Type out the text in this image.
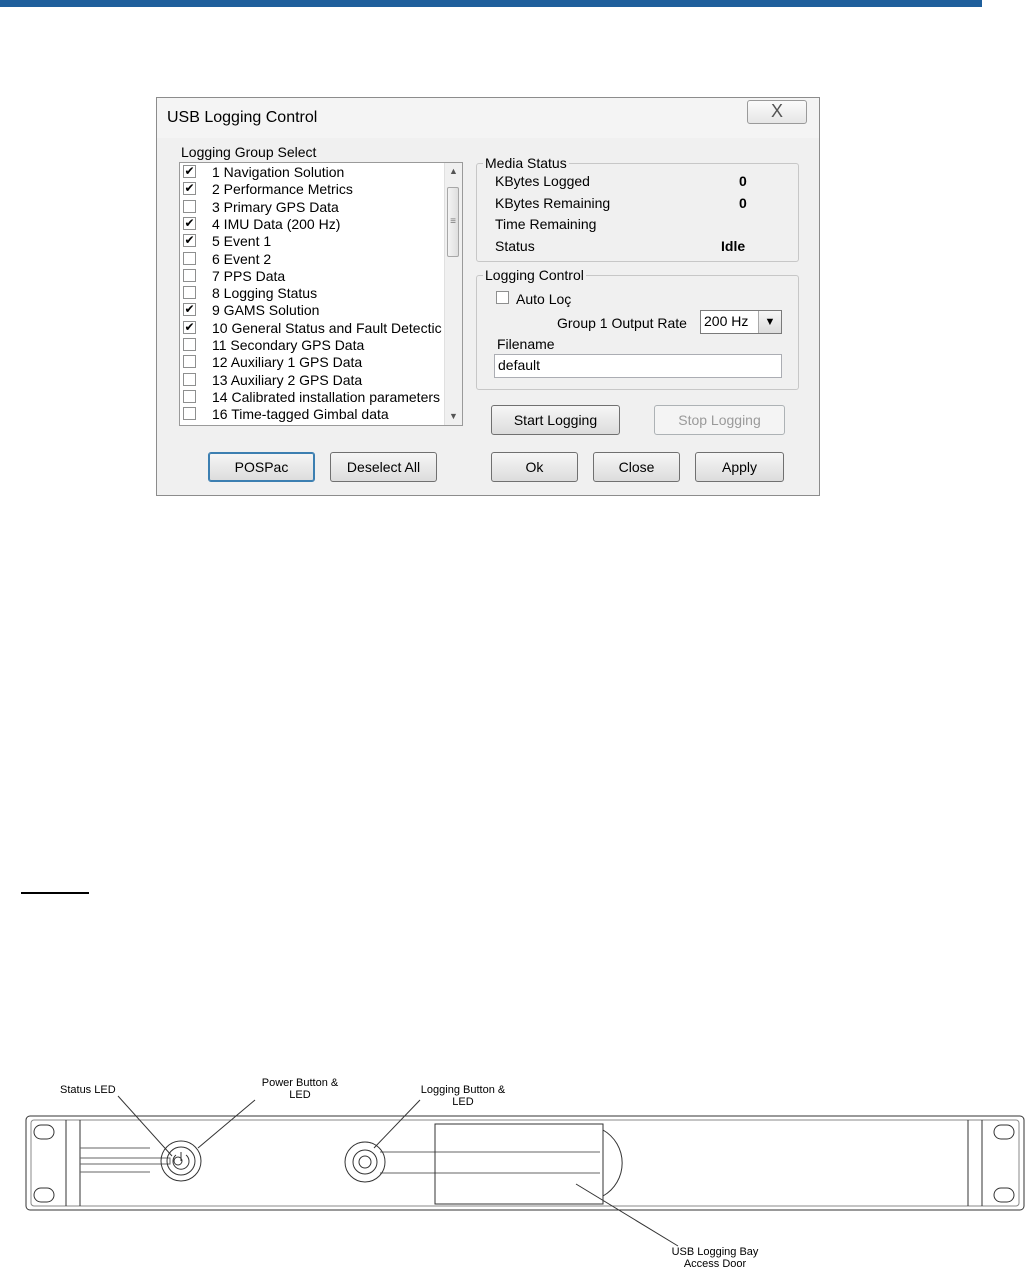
USB Logging Control	X
Logging Group Select
16 Time-tagged Gimbal data
14 Calibrated installation parameters
13 Auxiliary 2 GPS Data
12 Auxiliary 1 GPS Data
11 Secondary GPS Data
✔ 10 General Status and Fault Detectic
✔ 9 GAMS Solution
8 Logging Status
7 PPS Data
6 Event 2
✔ 5 Event 1
✔ 4 IMU Data (200 Hz)
3 Primary GPS Data
✔ 2 Performance Metrics
✔ 1 Navigation Solution	▲
≡
▼
Media Status
KBytes Logged	0
KBytes Remaining	0
Time Remaining
Status	Idle
Logging Control
Auto Loç
Group 1 Output Rate 200 Hz	▼
Filename
default
Start Logging	Stop Logging
POSPac	Deselect All	Ok	Close	Apply
Status LED
Power Button &
LED	Logging Button &
LED
USB Logging Bay
Access Door
